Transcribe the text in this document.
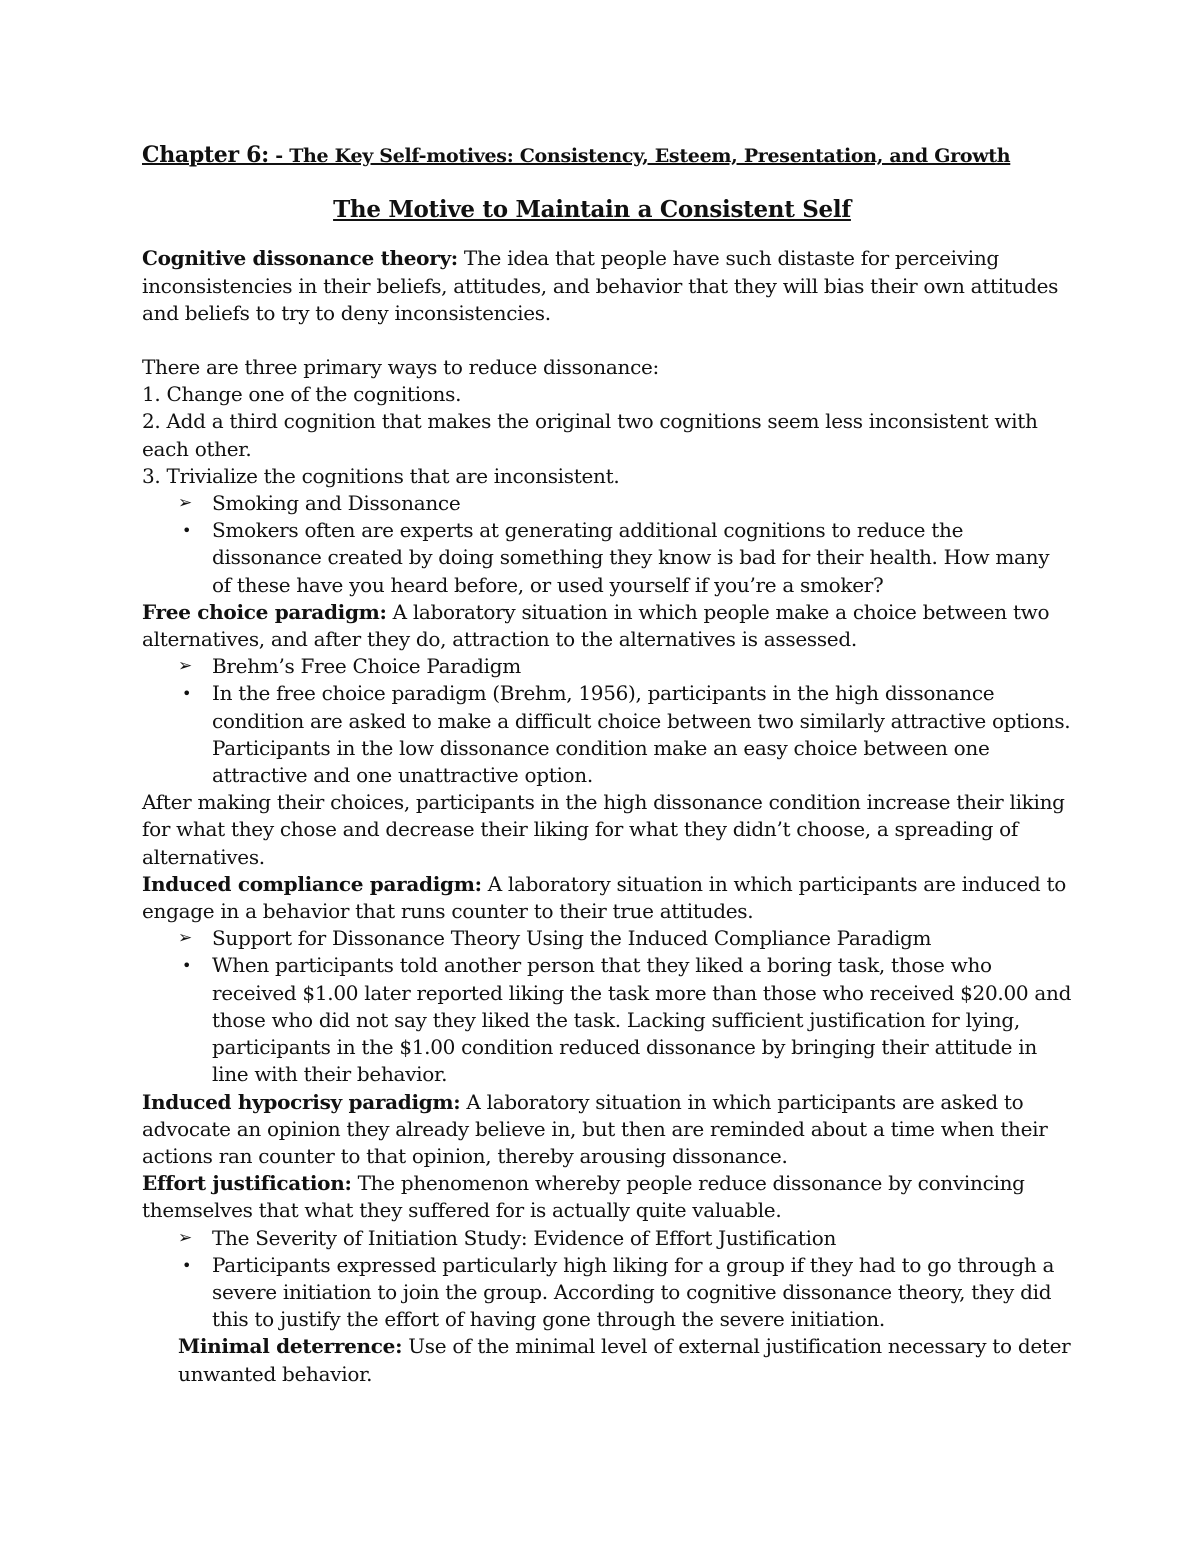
Chapter 6: - The Key Self-motives: Consistency, Esteem, Presentation, and Growth

The Motive to Maintain a Consistent Self

Cognitive dissonance theory: The idea that people have such distaste for perceiving inconsistencies in their beliefs, attitudes, and behavior that they will bias their own attitudes and beliefs to try to deny inconsistencies.

There are three primary ways to reduce dissonance:

1. Change one of the cognitions.

2. Add a third cognition that makes the original two cognitions seem less inconsistent with each other.

3. Trivialize the cognitions that are inconsistent.

➢	Smoking and Dissonance
•	Smokers often are experts at generating additional cognitions to reduce the dissonance created by doing something they know is bad for their health. How many of these have you heard before, or used yourself if you’re a smoker?

Free choice paradigm: A laboratory situation in which people make a choice between two alternatives, and after they do, attraction to the alternatives is assessed.

➢	Brehm’s Free Choice Paradigm
•	In the free choice paradigm (Brehm, 1956), participants in the high dissonance condition are asked to make a difficult choice between two similarly attractive options. Participants in the low dissonance condition make an easy choice between one attractive and one unattractive option.

After making their choices, participants in the high dissonance condition increase their liking for what they chose and decrease their liking for what they didn’t choose, a spreading of alternatives.

Induced compliance paradigm: A laboratory situation in which participants are induced to engage in a behavior that runs counter to their true attitudes.

➢	Support for Dissonance Theory Using the Induced Compliance Paradigm
•	When participants told another person that they liked a boring task, those who received $1.00 later reported liking the task more than those who received $20.00 and those who did not say they liked the task. Lacking sufficient justification for lying, participants in the $1.00 condition reduced dissonance by bringing their attitude in line with their behavior.

Induced hypocrisy paradigm: A laboratory situation in which participants are asked to advocate an opinion they already believe in, but then are reminded about a time when their actions ran counter to that opinion, thereby arousing dissonance.

Effort justification: The phenomenon whereby people reduce dissonance by convincing themselves that what they suffered for is actually quite valuable.

➢	The Severity of Initiation Study: Evidence of Effort Justification
•	Participants expressed particularly high liking for a group if they had to go through a severe initiation to join the group. According to cognitive dissonance theory, they did this to justify the effort of having gone through the severe initiation.

Minimal deterrence: Use of the minimal level of external justification necessary to deter unwanted behavior.
